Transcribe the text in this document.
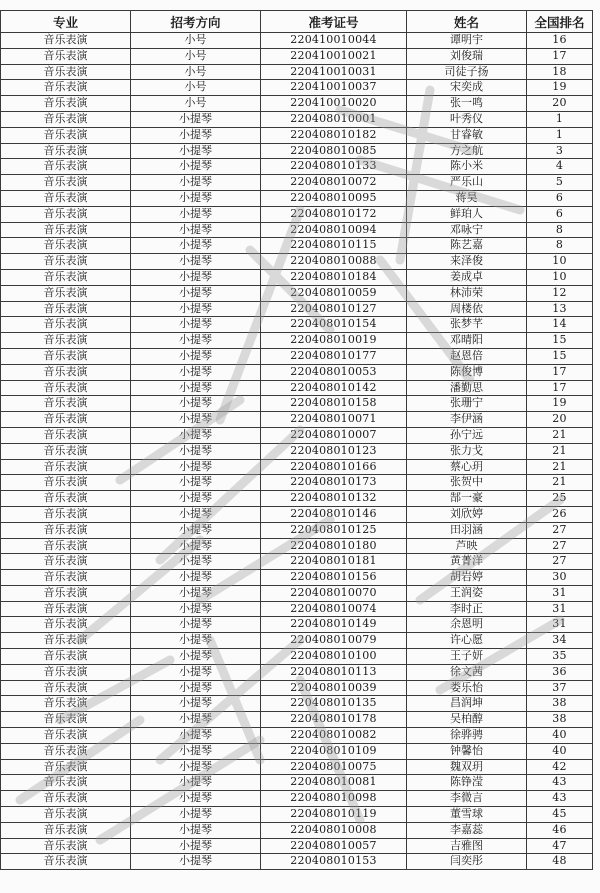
专业	招考方向	准考证号	姓名	全国排名
音乐表演	小号	220410010044	谭明宇	16
音乐表演	小号	220410010021	刘俊瑞	17
音乐表演	小号	220410010031	司徒子扬	18
音乐表演	小号	220410010037	宋奕成	19
音乐表演	小号	220410010020	张一鸣	20
音乐表演	小提琴	220408010001	叶秀仪	1
音乐表演	小提琴	220408010182	甘睿敏	1
音乐表演	小提琴	220408010085	方之航	3
音乐表演	小提琴	220408010133	陈小米	4
音乐表演	小提琴	220408010072	严乐山	5
音乐表演	小提琴	220408010095	蒋昊	6
音乐表演	小提琴	220408010172	鲜珀人	6
音乐表演	小提琴	220408010094	邓咏宁	8
音乐表演	小提琴	220408010115	陈艺嘉	8
音乐表演	小提琴	220408010088	来泽俊	10
音乐表演	小提琴	220408010184	姜成卓	10
音乐表演	小提琴	220408010059	林沛荣	12
音乐表演	小提琴	220408010127	周楼依	13
音乐表演	小提琴	220408010154	张梦芊	14
音乐表演	小提琴	220408010019	邓晴阳	15
音乐表演	小提琴	220408010177	赵恩倍	15
音乐表演	小提琴	220408010053	陈俊博	17
音乐表演	小提琴	220408010142	潘勤思	17
音乐表演	小提琴	220408010158	张珊宁	19
音乐表演	小提琴	220408010071	李伊涵	20
音乐表演	小提琴	220408010007	孙宁远	21
音乐表演	小提琴	220408010123	张力戈	21
音乐表演	小提琴	220408010166	蔡心玥	21
音乐表演	小提琴	220408010173	张贺中	21
音乐表演	小提琴	220408010132	郜一豪	25
音乐表演	小提琴	220408010146	刘欣婷	26
音乐表演	小提琴	220408010125	田羽涵	27
音乐表演	小提琴	220408010180	芦映	27
音乐表演	小提琴	220408010181	黄菁洋	27
音乐表演	小提琴	220408010156	胡岩婷	30
音乐表演	小提琴	220408010070	王润姿	31
音乐表演	小提琴	220408010074	李时正	31
音乐表演	小提琴	220408010149	余恩明	31
音乐表演	小提琴	220408010079	许心愿	34
音乐表演	小提琴	220408010100	王子妍	35
音乐表演	小提琴	220408010113	徐文茜	36
音乐表演	小提琴	220408010039	娄乐怡	37
音乐表演	小提琴	220408010135	昌润坤	38
音乐表演	小提琴	220408010178	吴柏醇	38
音乐表演	小提琴	220408010082	徐骅骋	40
音乐表演	小提琴	220408010109	钟馨怡	40
音乐表演	小提琴	220408010075	魏双玥	42
音乐表演	小提琴	220408010081	陈铮滢	43
音乐表演	小提琴	220408010098	李微言	43
音乐表演	小提琴	220408010119	董雪球	45
音乐表演	小提琴	220408010008	李嘉蕊	46
音乐表演	小提琴	220408010057	吉雅图	47
音乐表演	小提琴	220408010153	闫奕彤	48
